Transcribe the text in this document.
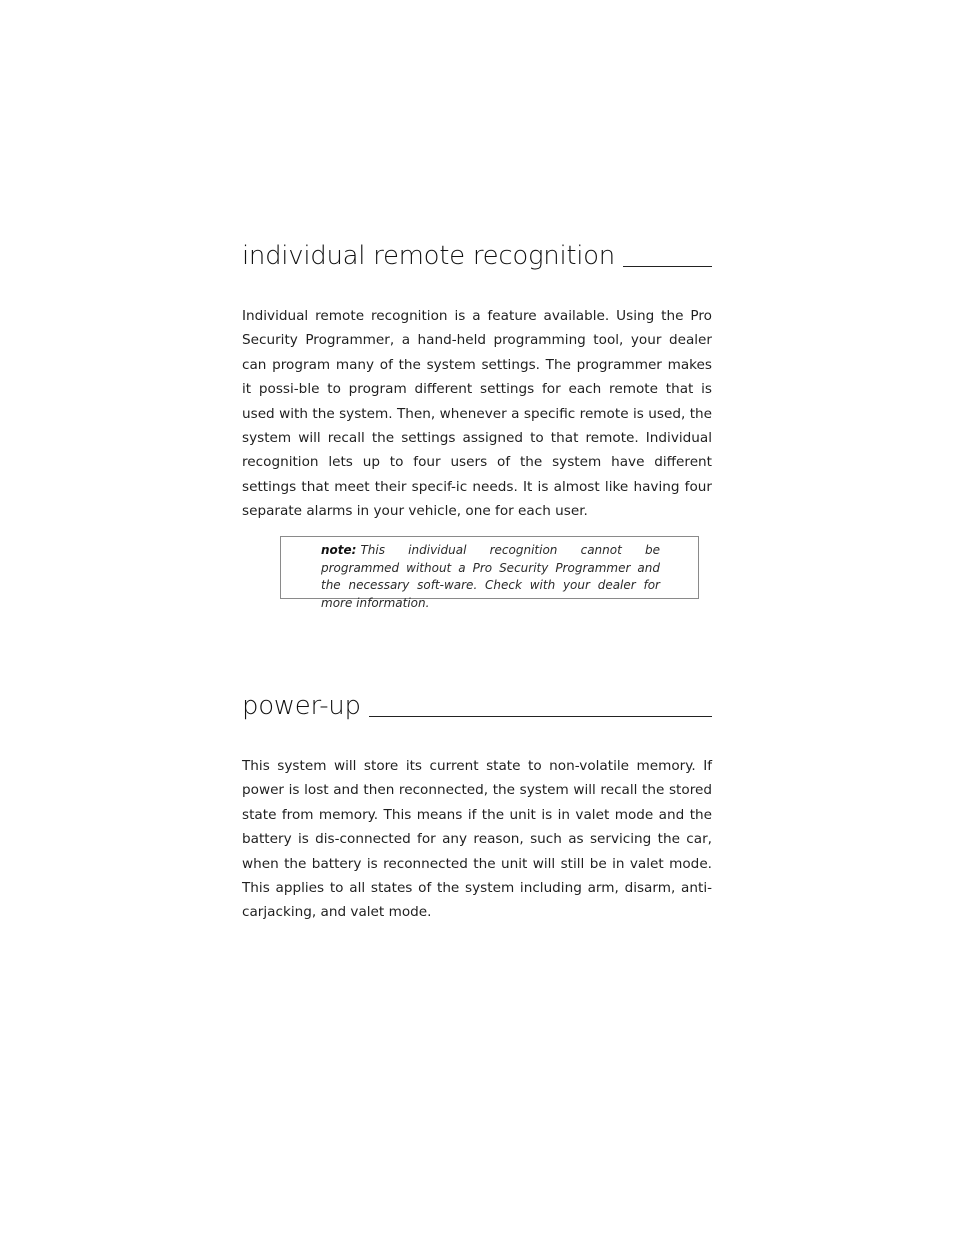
individual remote recognition

Individual remote recognition is a feature available. Using the Pro Security Programmer, a hand-held programming tool, your dealer can program many of the system settings. The programmer makes it possi-ble to program different settings for each remote that is used with the system. Then, whenever a specific remote is used, the system will recall the settings assigned to that remote. Individual recognition lets up to four users of the system have different settings that meet their specif-ic needs. It is almost like having four separate alarms in your vehicle, one for each user.

note: This individual recognition cannot be programmed without a Pro Security Programmer and the necessary soft-ware. Check with your dealer for more information.

power-up

This system will store its current state to non-volatile memory. If power is lost and then reconnected, the system will recall the stored state from memory. This means if the unit is in valet mode and the battery is dis-connected for any reason, such as servicing the car, when the battery is reconnected the unit will still be in valet mode. This applies to all states of the system including arm, disarm, anti-carjacking, and valet mode.
